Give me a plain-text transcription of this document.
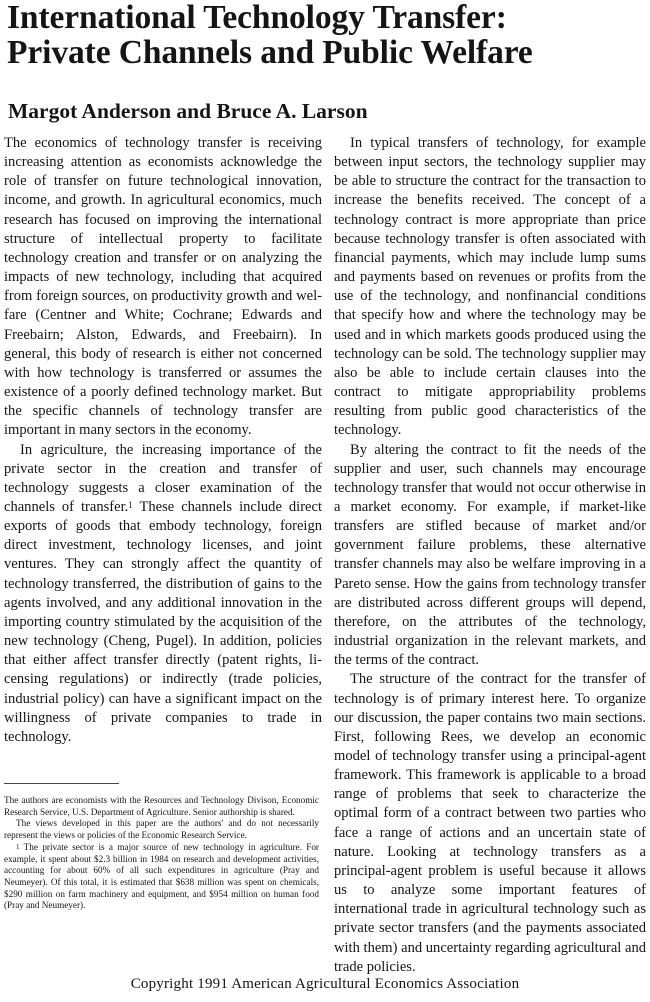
International Technology Transfer:
Private Channels and Public Welfare
Margot Anderson and Bruce A. Larson

The economics of technology transfer is receiving increasing attention as economists acknowledge the role of transfer on future technological innovation, income, and growth. In agricultural economics, much research has focused on improving the international structure of intellectual property to facilitate technology creation and transfer or on analyzing the impacts of new technology, including that acquired from foreign sources, on productivity growth and welfare (Centner and White; Cochrane; Edwards and Freebairn; Alston, Edwards, and Freebairn). In general, this body of research is either not concerned with how technology is transferred or assumes the existence of a poorly defined technology market. But the specific channels of technology transfer are important in many sectors in the economy.

In agriculture, the increasing importance of the private sector in the creation and transfer of technology suggests a closer examination of the channels of transfer.$^1$ These channels include direct exports of goods that embody technology, foreign direct investment, technology licenses, and joint ventures. They can strongly affect the quantity of technology transferred, the distribution of gains to the agents involved, and any additional innovation in the importing country stimulated by the acquisition of the new technology (Cheng, Pugel). In addition, policies that either affect transfer directly (patent rights, licensing regulations) or indirectly (trade policies, industrial policy) can have a significant impact on the willingness of private companies to trade in technology.

The authors are economists with the Resources and Technology Divison, Economic Research Service, U.S. Department of Agriculture. Senior authorship is shared.

The views developed in this paper are the authors' and do not necessarily represent the views or policies of the Economic Research Service.

$^1$ The private sector is a major source of new technology in agriculture. For example, it spent about $2.3 billion in 1984 on research and development activities, accounting for about 60% of all such expenditures in agriculture (Pray and Neumeyer). Of this total, it is estimated that $638 million was spent on chemicals, $290 million on farm machinery and equipment, and $954 million on human food (Pray and Neumeyer).

In typical transfers of technology, for example between input sectors, the technology supplier may be able to structure the contract for the transaction to increase the benefits received. The concept of a technology contract is more appropriate than price because technology transfer is often associated with financial payments, which may include lump sums and payments based on revenues or profits from the use of the technology, and nonfinancial conditions that specify how and where the technology may be used and in which markets goods produced using the technology can be sold. The technology supplier may also be able to include certain clauses into the contract to mitigate appropriability problems resulting from public good characteristics of the technology.

By altering the contract to fit the needs of the supplier and user, such channels may encourage technology transfer that would not occur otherwise in a market economy. For example, if market-like transfers are stifled because of market and/or government failure problems, these alternative transfer channels may also be welfare improving in a Pareto sense. How the gains from technology transfer are distributed across different groups will depend, therefore, on the attributes of the technology, industrial organization in the relevant markets, and the terms of the contract.

The structure of the contract for the transfer of technology is of primary interest here. To organize our discussion, the paper contains two main sections. First, following Rees, we develop an economic model of technology transfer using a principal-agent framework. This framework is applicable to a broad range of problems that seek to characterize the optimal form of a contract between two parties who face a range of actions and an uncertain state of nature. Looking at technology transfers as a principal-agent problem is useful because it allows us to analyze some important features of international trade in agricultural technology such as private sector transfers (and the payments associated with them) and uncertainty regarding agricultural and trade policies.

Copyright 1991 American Agricultural Economics Association
